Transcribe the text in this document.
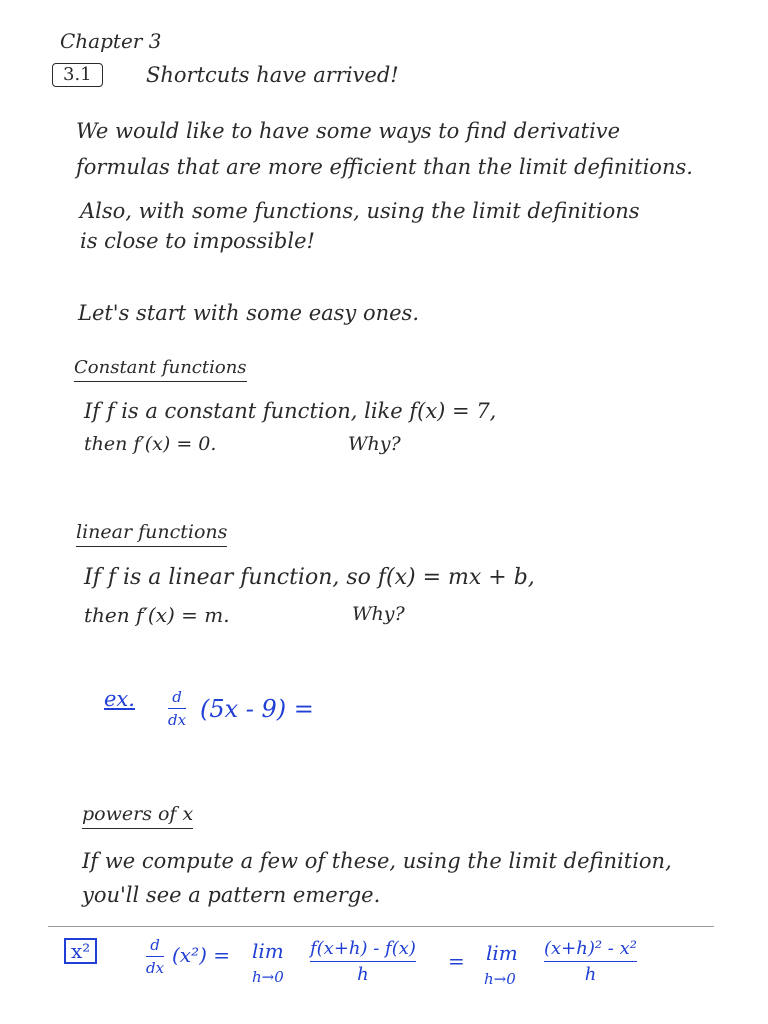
Chapter 3
3.1	Shortcuts have arrived!
We would like to have some ways to find derivative
formulas that are more efficient than the limit definitions.
Also, with some functions, using the limit definitions
is close to impossible!
Let's start with some easy ones.
Constant functions
If f is a constant function, like f(x) = 7,
then f′(x) = 0.	Why?
linear functions
If f is a linear function, so f(x) = mx + b,
then f′(x) = m.	Why?
ex. d
dx (5x - 9) =
powers of x
If we compute a few of these, using the limit definition,
you'll see a pattern emerge.
x²	d
dx
(x²) = lim
h→0
f(x+h) - f(x)
h
= lim
h→0
(x+h)² - x²
h
